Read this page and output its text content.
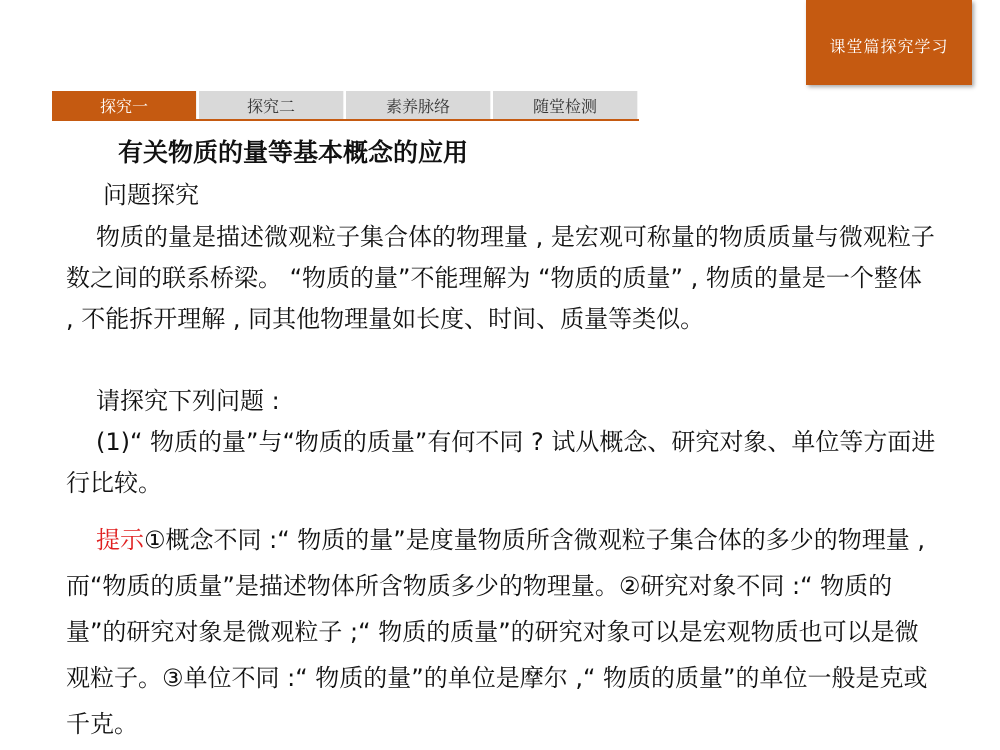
课堂篇探究学习
探究一	探究二	素养脉络	随堂检测
有关物质的量等基本概念的应用
问题探究

物质的量是描述微观粒子集合体的物理量 , 是宏观可称量的物质质量与微观粒子数之间的联系桥梁。 “物质的量”不能理解为 “物质的质量” , 物质的量是一个整体 , 不能拆开理解 , 同其他物理量如长度、时间、质量等类似。

请探究下列问题 :

(1)“ 物质的量”与“物质的质量”有何不同 ? 试从概念、研究对象、单位等方面进行比较。

提示①概念不同 :“ 物质的量”是度量物质所含微观粒子集合体的多少的物理量 , 而“物质的质量”是描述物体所含物质多少的物理量。②研究对象不同 :“ 物质的量”的研究对象是微观粒子 ;“ 物质的质量”的研究对象可以是宏观物质也可以是微观粒子。③单位不同 :“ 物质的量”的单位是摩尔 ,“ 物质的质量”的单位一般是克或千克。
